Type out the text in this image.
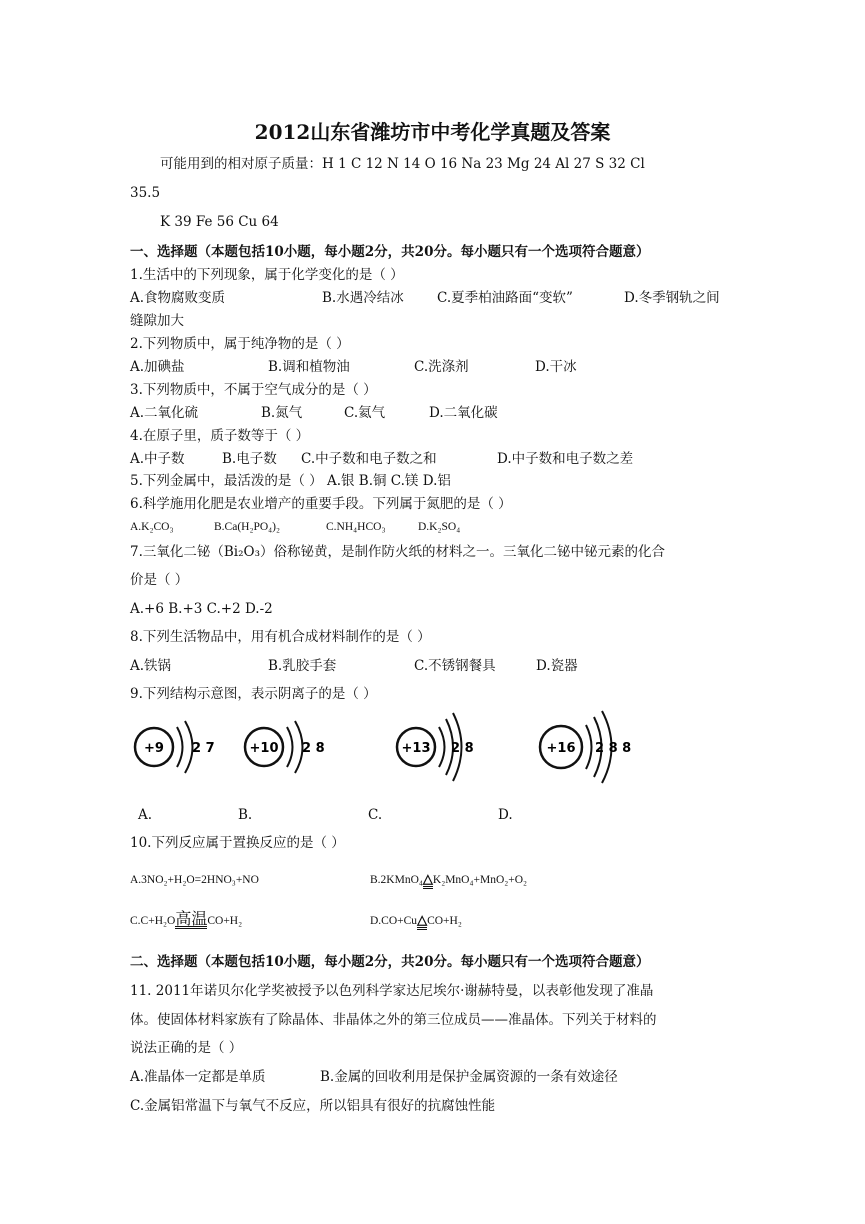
2012山东省潍坊市中考化学真题及答案
可能用到的相对原子质量：H 1 C 12 N 14 O 16 Na 23 Mg 24 Al 27 S 32 Cl
35.5
K 39 Fe 56 Cu 64
一、选择题（本题包括10小题，每小题2分，共20分。每小题只有一个选项符合题意）
1.生活中的下列现象，属于化学变化的是（ ）
A.食物腐败变质	B.水遇冷结冰 C.夏季柏油路面“变软”	D.冬季钢轨之间
缝隙加大
2.下列物质中，属于纯净物的是（ ）
A.加碘盐	B.调和植物油	C.洗涤剂	D.干冰
3.下列物质中，不属于空气成分的是（ ）
A.二氧化硫	B.氮气	C.氦气	D.二氧化碳
4.在原子里，质子数等于（ ）
A.中子数	B.电子数 C.中子数和电子数之和	D.中子数和电子数之差
5.下列金属中，最活泼的是（ ） A.银 B.铜 C.镁 D.铝
6.科学施用化肥是农业增产的重要手段。下列属于氮肥的是（ ）
A.K₂CO₃	B.Ca(H₂PO₄)₂	C.NH₄HCO₃	D.K₂SO₄
7.三氧化二铋（Bi₂O₃）俗称铋黄，是制作防火纸的材料之一。三氧化二铋中铋元素的化合
价是（ ）
A.+6 B.+3 C.+2 D.-2
8.下列生活物品中，用有机合成材料制作的是（ ）
A.铁锅	B.乳胶手套	C.不锈钢餐具	D.瓷器
9.下列结构示意图，表示阴离子的是（ ）
+9 2 7	+10 2 8	+13 2 8	+16 2 8 8
A.	B.	C.	D.
10.下列反应属于置换反应的是（ ）
A.3NO₂+H₂O=2HNO₃+NO	B.2KMnO₄△K₂MnO₄+MnO₂+O₂
C.C+H₂O高温CO+H₂	D.CO+Cu△CO+H₂
二、选择题（本题包括10小题，每小题2分，共20分。每小题只有一个选项符合题意）
11. 2011年诺贝尔化学奖被授予以色列科学家达尼埃尔·谢赫特曼，以表彰他发现了准晶
体。使固体材料家族有了除晶体、非晶体之外的第三位成员——准晶体。下列关于材料的
说法正确的是（ ）
A.准晶体一定都是单质	B.金属的回收利用是保护金属资源的一条有效途径
C.金属铝常温下与氧气不反应，所以铝具有很好的抗腐蚀性能
